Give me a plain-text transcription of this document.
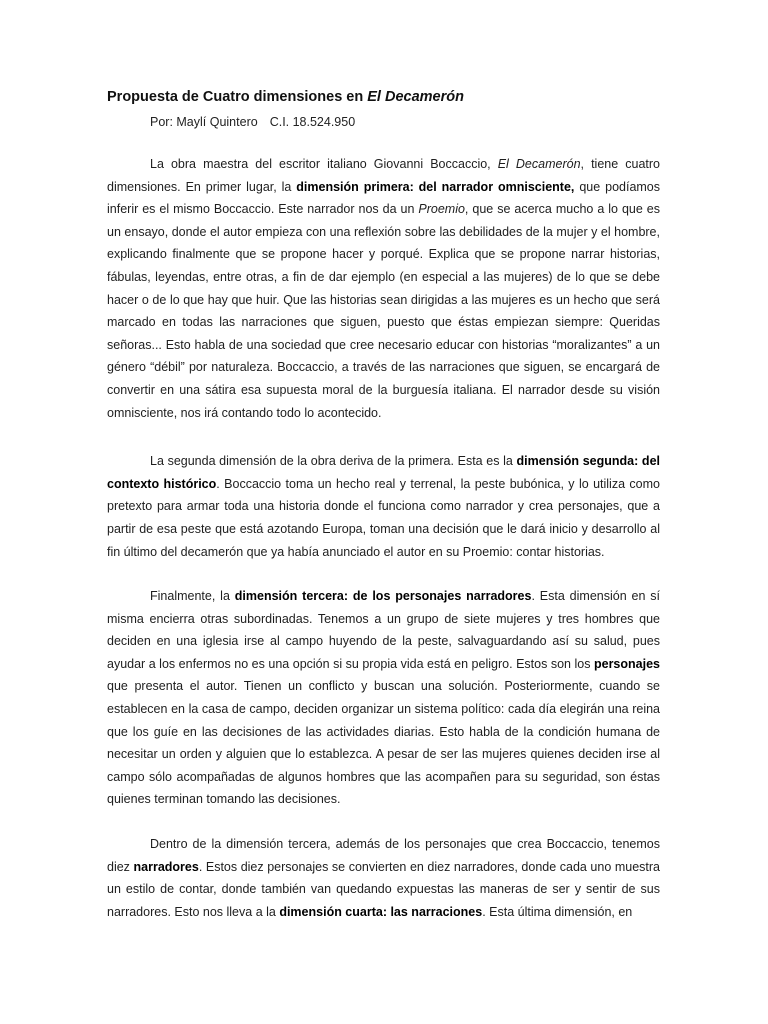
Propuesta de Cuatro dimensiones en El Decamerón
Por: Maylí Quintero C.I. 18.524.950

La obra maestra del escritor italiano Giovanni Boccaccio, El Decamerón, tiene cuatro dimensiones. En primer lugar, la dimensión primera: del narrador omnisciente, que podíamos inferir es el mismo Boccaccio. Este narrador nos da un Proemio, que se acerca mucho a lo que es un ensayo, donde el autor empieza con una reflexión sobre las debilidades de la mujer y el hombre, explicando finalmente que se propone hacer y porqué. Explica que se propone narrar historias, fábulas, leyendas, entre otras, a fin de dar ejemplo (en especial a las mujeres) de lo que se debe hacer o de lo que hay que huir. Que las historias sean dirigidas a las mujeres es un hecho que será marcado en todas las narraciones que siguen, puesto que éstas empiezan siempre: Queridas señoras... Esto habla de una sociedad que cree necesario educar con historias “moralizantes” a un género “débil” por naturaleza. Boccaccio, a través de las narraciones que siguen, se encargará de convertir en una sátira esa supuesta moral de la burguesía italiana. El narrador desde su visión omnisciente, nos irá contando todo lo acontecido.

La segunda dimensión de la obra deriva de la primera. Esta es la dimensión segunda: del contexto histórico. Boccaccio toma un hecho real y terrenal, la peste bubónica, y lo utiliza como pretexto para armar toda una historia donde el funciona como narrador y crea personajes, que a partir de esa peste que está azotando Europa, toman una decisión que le dará inicio y desarrollo al fin último del decamerón que ya había anunciado el autor en su Proemio: contar historias.

Finalmente, la dimensión tercera: de los personajes narradores. Esta dimensión en sí misma encierra otras subordinadas. Tenemos a un grupo de siete mujeres y tres hombres que deciden en una iglesia irse al campo huyendo de la peste, salvaguardando así su salud, pues ayudar a los enfermos no es una opción si su propia vida está en peligro. Estos son los personajes que presenta el autor. Tienen un conflicto y buscan una solución. Posteriormente, cuando se establecen en la casa de campo, deciden organizar un sistema político: cada día elegirán una reina que los guíe en las decisiones de las actividades diarias. Esto habla de la condición humana de necesitar un orden y alguien que lo establezca. A pesar de ser las mujeres quienes deciden irse al campo sólo acompañadas de algunos hombres que las acompañen para su seguridad, son éstas quienes terminan tomando las decisiones.

Dentro de la dimensión tercera, además de los personajes que crea Boccaccio, tenemos diez narradores. Estos diez personajes se convierten en diez narradores, donde cada uno muestra un estilo de contar, donde también van quedando expuestas las maneras de ser y sentir de sus narradores. Esto nos lleva a la dimensión cuarta: las narraciones. Esta última dimensión, en
